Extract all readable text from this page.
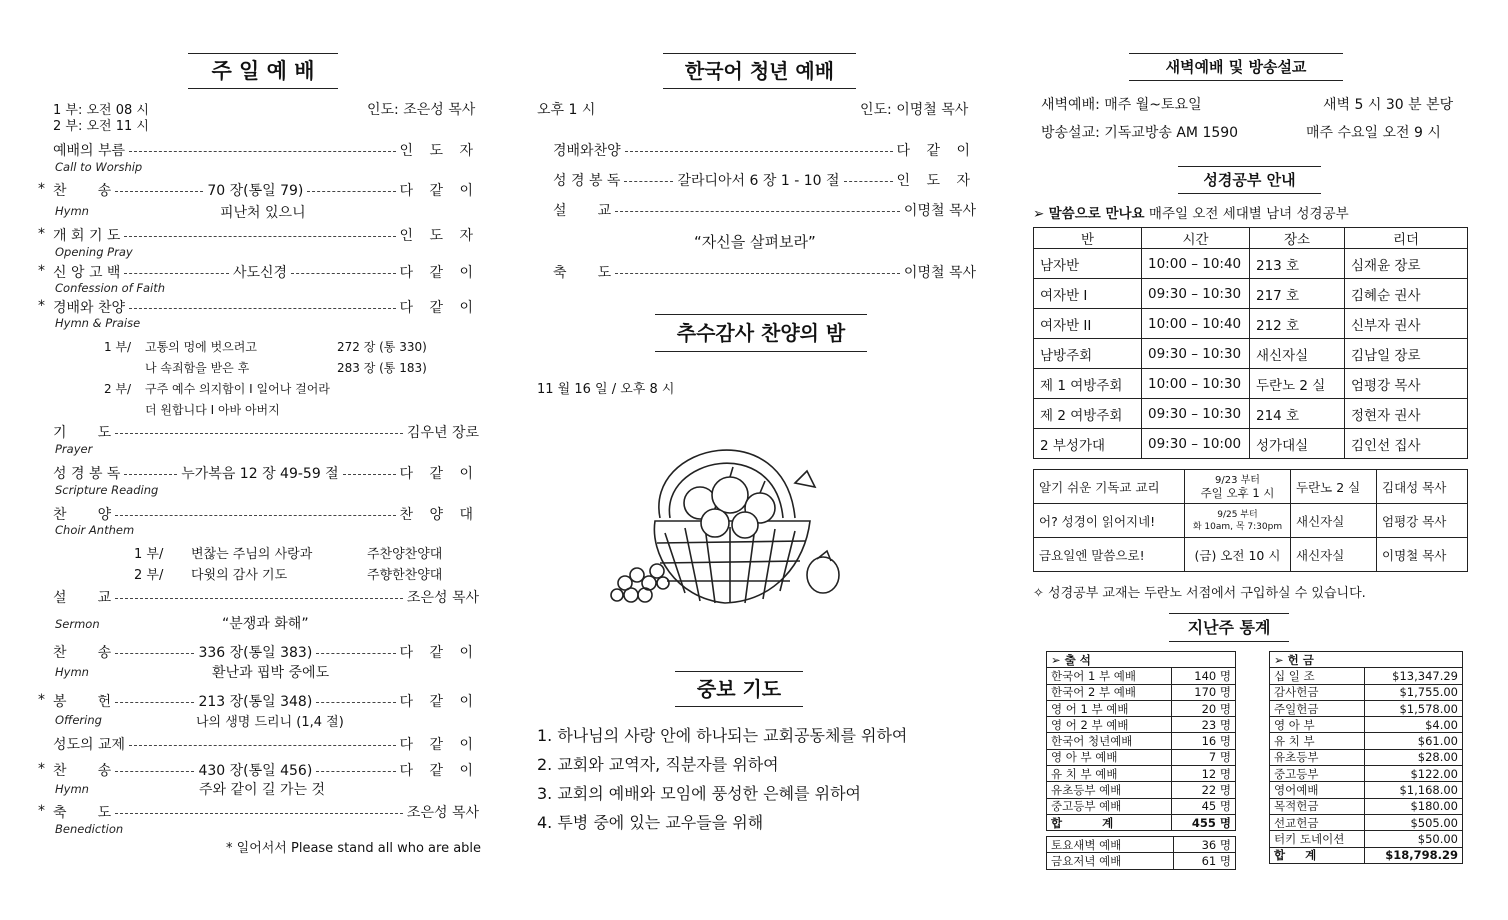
주 일 예 배
1 부: 오전 08 시
2 부: 오전 11 시
인도: 조은성 목사
예배의 부름	인 도 자
Call to Worship
* 찬       송	70 장(통일 79)	다 같 이
Hymn	피난처 있으니
* 개 회 기 도	인 도 자
Opening Pray
* 신 앙 고 백	사도신경	다 같 이
Confession of Faith
* 경배와 찬양	다 같 이
Hymn & Praise
1 부/ 고통의 멍에 벗으려고	272 장 (통 330)
나 속죄함을 받은 후	283 장 (통 183)
2 부/ 구주 예수 의지함이 I 일어나 걸어라
더 원합니다 I 아바 아버지
기       도	김우년 장로
Prayer
성 경 봉 독	누가복음 12 장 49-59 절	다 같 이
Scripture Reading
찬       양	찬 양 대
Choir Anthem
1 부/ 변찮는 주님의 사랑과	주찬양찬양대
2 부/ 다윗의 감사 기도	주향한찬양대
설       교	조은성 목사
Sermon	“분쟁과 화해”
찬       송	336 장(통일 383)	다 같 이
Hymn	환난과 핍박 중에도
* 봉       헌	213 장(통일 348)	다 같 이
Offering	나의 생명 드리니 (1,4 절)
성도의 교제	다 같 이
* 찬       송	430 장(통일 456)	다 같 이
Hymn	주와 같이 길 가는 것
* 축       도	조은성 목사
Benediction
* 일어서서 Please stand all who are able
한국어 청년 예배
오후 1 시	인도: 이명철 목사
경배와찬양	다 같 이
성 경 봉 독	갈라디아서 6 장 1 - 10 절	인 도 자
설       교	이명철 목사
“자신을 살펴보라”
축       도	이명철 목사
추수감사 찬양의 밤
11 월 16 일 / 오후 8 시
중보 기도
1. 하나님의 사랑 안에 하나되는 교회공동체를 위하여
2. 교회와 교역자, 직분자를 위하여
3. 교회의 예배와 모임에 풍성한 은혜를 위하여
4. 투병 중에 있는 교우들을 위해
새벽예배 및 방송설교
새벽예배: 매주 월~토요일	새벽 5 시 30 분 본당
방송설교: 기독교방송 AM 1590	매주 수요일 오전 9 시
성경공부 안내
➢ 말씀으로 만나요 매주일 오전 세대별 남녀 성경공부
반	시간	장소	리더
남자반	10:00 – 10:40	213 호	심재윤 장로
여자반 I	09:30 – 10:30	217 호	김혜순 권사
여자반 II	10:00 – 10:40	212 호	신부자 권사
남방주회	09:30 – 10:30	새신자실	김남일 장로
제 1 여방주회	10:00 – 10:30	두란노 2 실	엄평강 목사
제 2 여방주회	09:30 – 10:30	214 호	정현자 권사
2 부성가대	09:30 – 10:00	성가대실	김인선 집사
알기 쉬운 기독교 교리	9/23 부터
주일 오후 1 시	두란노 2 실	김대성 목사
어? 성경이 읽어지네!	9/25 부터
화 10am, 목 7:30pm	새신자실	엄평강 목사
금요일엔 말씀으로!	(금) 오전 10 시	새신자실	이명철 목사
✧ 성경공부 교재는 두란노 서점에서 구입하실 수 있습니다.
지난주 통계
➢ 출 석	
한국어 1 부 예배	140 명
한국어 2 부 예배	170 명
영 어 1 부 예배	20 명
영 어 2 부 예배	23 명
한국어 청년예배	16 명
영 아 부 예배	7 명
유 치 부 예배	12 명
유초등부 예배	22 명
중고등부 예배	45 명
합          계	455 명
토요새벽 예배	36 명
금요저녁 예배	61 명
➢ 헌 금	
십 일 조	$13,347.29
감사헌금	$1,755.00
주일헌금	$1,578.00
영 아 부	$4.00
유 치 부	$61.00
유초등부	$28.00
중고등부	$122.00
영어예배	$1,168.00
목적헌금	$180.00
선교헌금	$505.00
터키 도네이션	$50.00
합     계	$18,798.29
